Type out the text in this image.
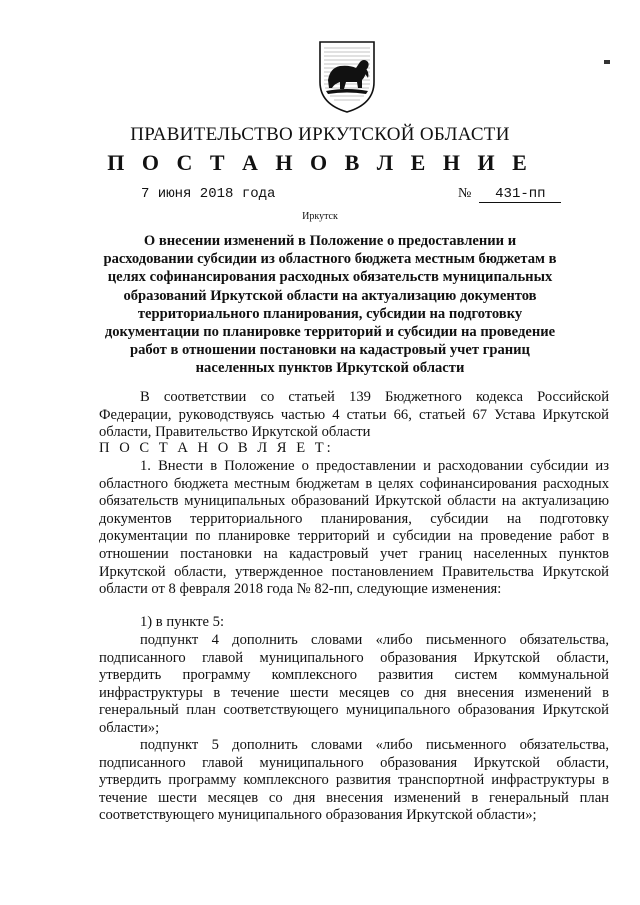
ПРАВИТЕЛЬСТВО ИРКУТСКОЙ ОБЛАСТИ
П О С Т А Н О В Л Е Н И Е
7 июня 2018 года	№ 431-пп
Иркутск
О внесении изменений в Положение о предоставлении и расходовании субсидии из областного бюджета местным бюджетам в целях софинансирования расходных обязательств муниципальных образований Иркутской области на актуализацию документов территориального планирования, субсидии на подготовку документации по планировке территорий и субсидии на проведение работ в отношении постановки на кадастровый учет границ населенных пунктов Иркутской области
В соответствии со статьей 139 Бюджетного кодекса Российской Федерации, руководствуясь частью 4 статьи 66, статьей 67 Устава Иркутской области, Правительство Иркутской области
П О С Т А Н О В Л Я Е Т:
1. Внести в Положение о предоставлении и расходовании субсидии из областного бюджета местным бюджетам в целях софинансирования расходных обязательств муниципальных образований Иркутской области на актуализацию документов территориального планирования, субсидии на подготовку документации по планировке территорий и субсидии на проведение работ в отношении постановки на кадастровый учет границ населенных пунктов Иркутской области, утвержденное постановлением Правительства Иркутской области от 8 февраля 2018 года № 82-пп, следующие изменения:
1) в пункте 5:
подпункт 4 дополнить словами «либо письменного обязательства, подписанного главой муниципального образования Иркутской области, утвердить программу комплексного развития систем коммунальной инфраструктуры в течение шести месяцев со дня внесения изменений в генеральный план соответствующего муниципального образования Иркутской области»;
подпункт 5 дополнить словами «либо письменного обязательства, подписанного главой муниципального образования Иркутской области, утвердить программу комплексного развития транспортной инфраструктуры в течение шести месяцев со дня внесения изменений в генеральный план соответствующего муниципального образования Иркутской области»;
